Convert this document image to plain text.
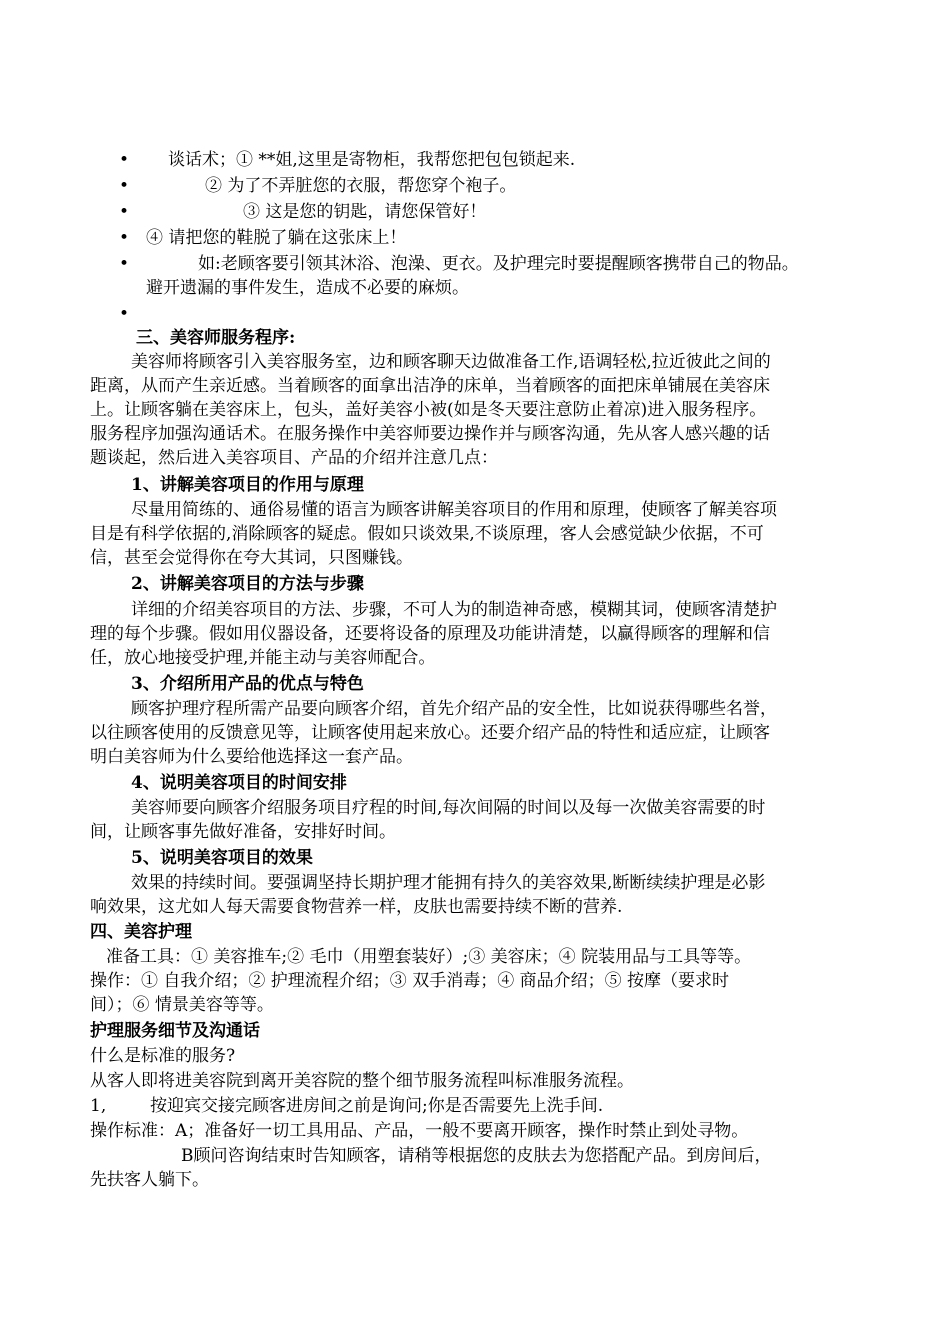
• 谈话术；① **姐,这里是寄物柜，我帮您把包包锁起来.
•	② 为了不弄脏您的衣服，帮您穿个袍子。
•	③ 这是您的钥匙，请您保管好！
• ④ 请把您的鞋脱了躺在这张床上！
•	如:老顾客要引领其沐浴、泡澡、更衣。及护理完时要提醒顾客携带自己的物品。
避开遗漏的事件发生，造成不必要的麻烦。
•
三、美容师服务程序:
美容师将顾客引入美容服务室，边和顾客聊天边做准备工作,语调轻松,拉近彼此之间的
距离，从而产生亲近感。当着顾客的面拿出洁净的床单，当着顾客的面把床单铺展在美容床
上。让顾客躺在美容床上，包头，盖好美容小被(如是冬天要注意防止着凉)进入服务程序。
服务程序加强沟通话术。在服务操作中美容师要边操作并与顾客沟通，先从客人感兴趣的话
题谈起，然后进入美容项目、产品的介绍并注意几点：
1、讲解美容项目的作用与原理
尽量用简练的、通俗易懂的语言为顾客讲解美容项目的作用和原理，使顾客了解美容项
目是有科学依据的,消除顾客的疑虑。假如只谈效果,不谈原理，客人会感觉缺少依据，不可
信，甚至会觉得你在夸大其词，只图赚钱。
2、讲解美容项目的方法与步骤
详细的介绍美容项目的方法、步骤，不可人为的制造神奇感，模糊其词，使顾客清楚护
理的每个步骤。假如用仪器设备，还要将设备的原理及功能讲清楚，以赢得顾客的理解和信
任，放心地接受护理,并能主动与美容师配合。
3、介绍所用产品的优点与特色
顾客护理疗程所需产品要向顾客介绍，首先介绍产品的安全性，比如说获得哪些名誉，
以往顾客使用的反馈意见等，让顾客使用起来放心。还要介绍产品的特性和适应症，让顾客
明白美容师为什么要给他选择这一套产品。
4、说明美容项目的时间安排
美容师要向顾客介绍服务项目疗程的时间,每次间隔的时间以及每一次做美容需要的时
间，让顾客事先做好准备，安排好时间。
5、说明美容项目的效果
效果的持续时间。要强调坚持长期护理才能拥有持久的美容效果,断断续续护理是必影
响效果，这尤如人每天需要食物营养一样，皮肤也需要持续不断的营养.
四、美容护理
准备工具：① 美容推车;② 毛巾（用塑套装好）;③ 美容床；④ 院装用品与工具等等。
操作：① 自我介绍；② 护理流程介绍；③ 双手消毒；④ 商品介绍；⑤ 按摩（要求时
间）；⑥ 情景美容等等。
护理服务细节及沟通话
什么是标准的服务?
从客人即将进美容院到离开美容院的整个细节服务流程叫标准服务流程。
1,	按迎宾交接完顾客进房间之前是询问;你是否需要先上洗手间.
操作标准：A；准备好一切工具用品、产品，一般不要离开顾客，操作时禁止到处寻物。
B顾问咨询结束时告知顾客，请稍等根据您的皮肤去为您搭配产品。到房间后，
先扶客人躺下。
